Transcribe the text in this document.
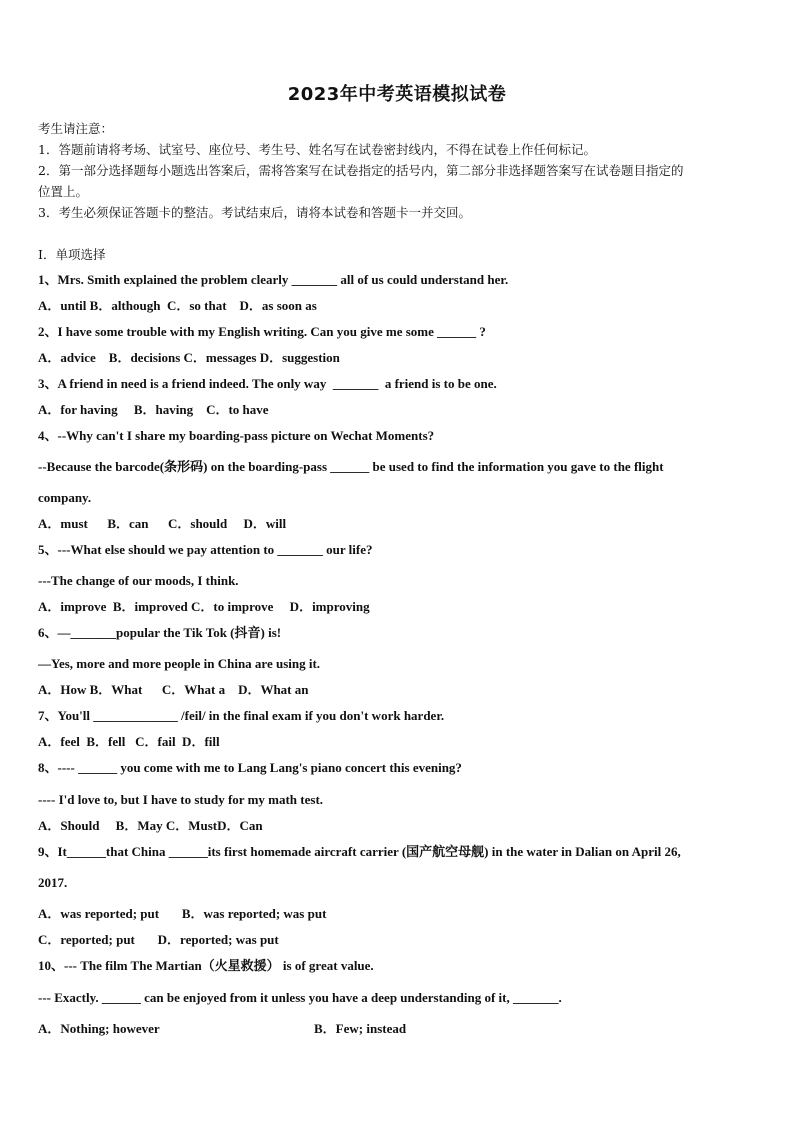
2023年中考英语模拟试卷
考生请注意：
1．答题前请将考场、试室号、座位号、考生号、姓名写在试卷密封线内，不得在试卷上作任何标记。
2．第一部分选择题每小题选出答案后，需将答案写在试卷指定的括号内，第二部分非选择题答案写在试卷题目指定的
位置上。
3．考生必须保证答题卡的整洁。考试结束后，请将本试卷和答题卡一并交回。
Ⅰ．单项选择
1、Mrs. Smith explained the problem clearly _______ all of us could understand her.
A．until B．although  C．so that    D．as soon as
2、I have some trouble with my English writing. Can you give me some ______ ?
A．advice    B．decisions C．messages D．suggestion
3、A friend in need is a friend indeed. The only way  _______  a friend is to be one.
A．for having     B．having    C．to have
4、--Why can't I share my boarding-pass picture on Wechat Moments?
--Because the barcode(条形码) on the boarding-pass ______ be used to find the information you gave to the flight
company.
A．must      B．can      C．should     D．will
5、---What else should we pay attention to _______ our life?
---The change of our moods, I think.
A．improve  B．improved C．to improve     D．improving
6、—_______popular the Tik Tok (抖音) is!
—Yes, more and more people in China are using it.
A．How B．What      C．What a    D．What an
7、You'll _____________ /feil/ in the final exam if you don't work harder.
A．feel  B．fell   C．fail  D．fill
8、---- ______ you come with me to Lang Lang's piano concert this evening?
---- I'd love to, but I have to study for my math test.
A．Should     B．May C．MustD．Can
9、It______that China ______its first homemade aircraft carrier (国产航空母舰) in the water in Dalian on April 26,
2017.
A．was reported; put       B．was reported; was put
C．reported; put       D．reported; was put
10、--- The film The Martian（火星救援） is of great value.
--- Exactly. ______ can be enjoyed from it unless you have a deep understanding of it, _______.
A．Nothing; however	B．Few; instead
